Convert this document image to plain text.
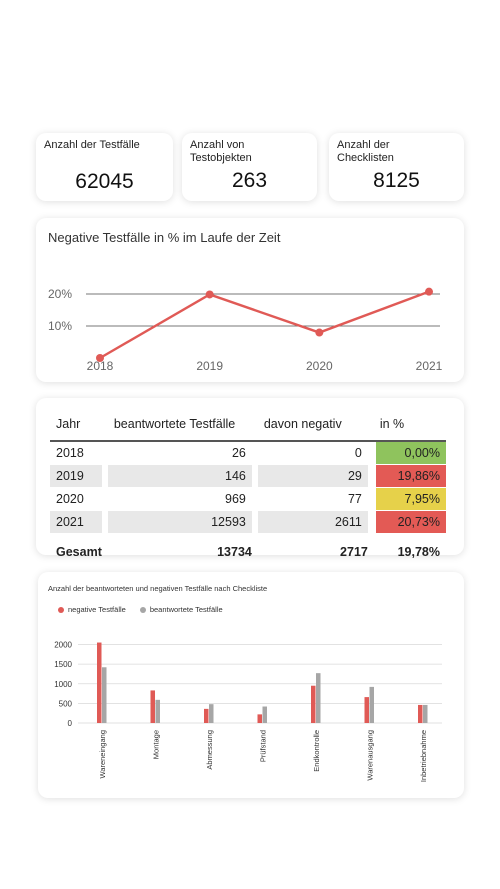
Anzahl der Testfälle
62045
Anzahl von Testobjekten
263
Anzahl der Checklisten
8125
Negative Testfälle in % im Laufe der Zeit
10%
20%
2018	2019	2020	2021
Jahr	beantwortete Testfälle	davon negativ	in %
2018	26	0	0,00%
2019	146	29	19,86%
2020	969	77	7,95%
2021	12593	2611	20,73%
Gesamt	13734	2717	19,78%
Anzahl der beantworteten und negativen Testfälle nach Checkliste
negative Testfälle	beantwortete Testfälle
0
500
1000
1500
2000
Wareneingang	Montage	Abmessung	Prüfstand	Endkontrolle	Warenausgang	Inbetriebnahme
